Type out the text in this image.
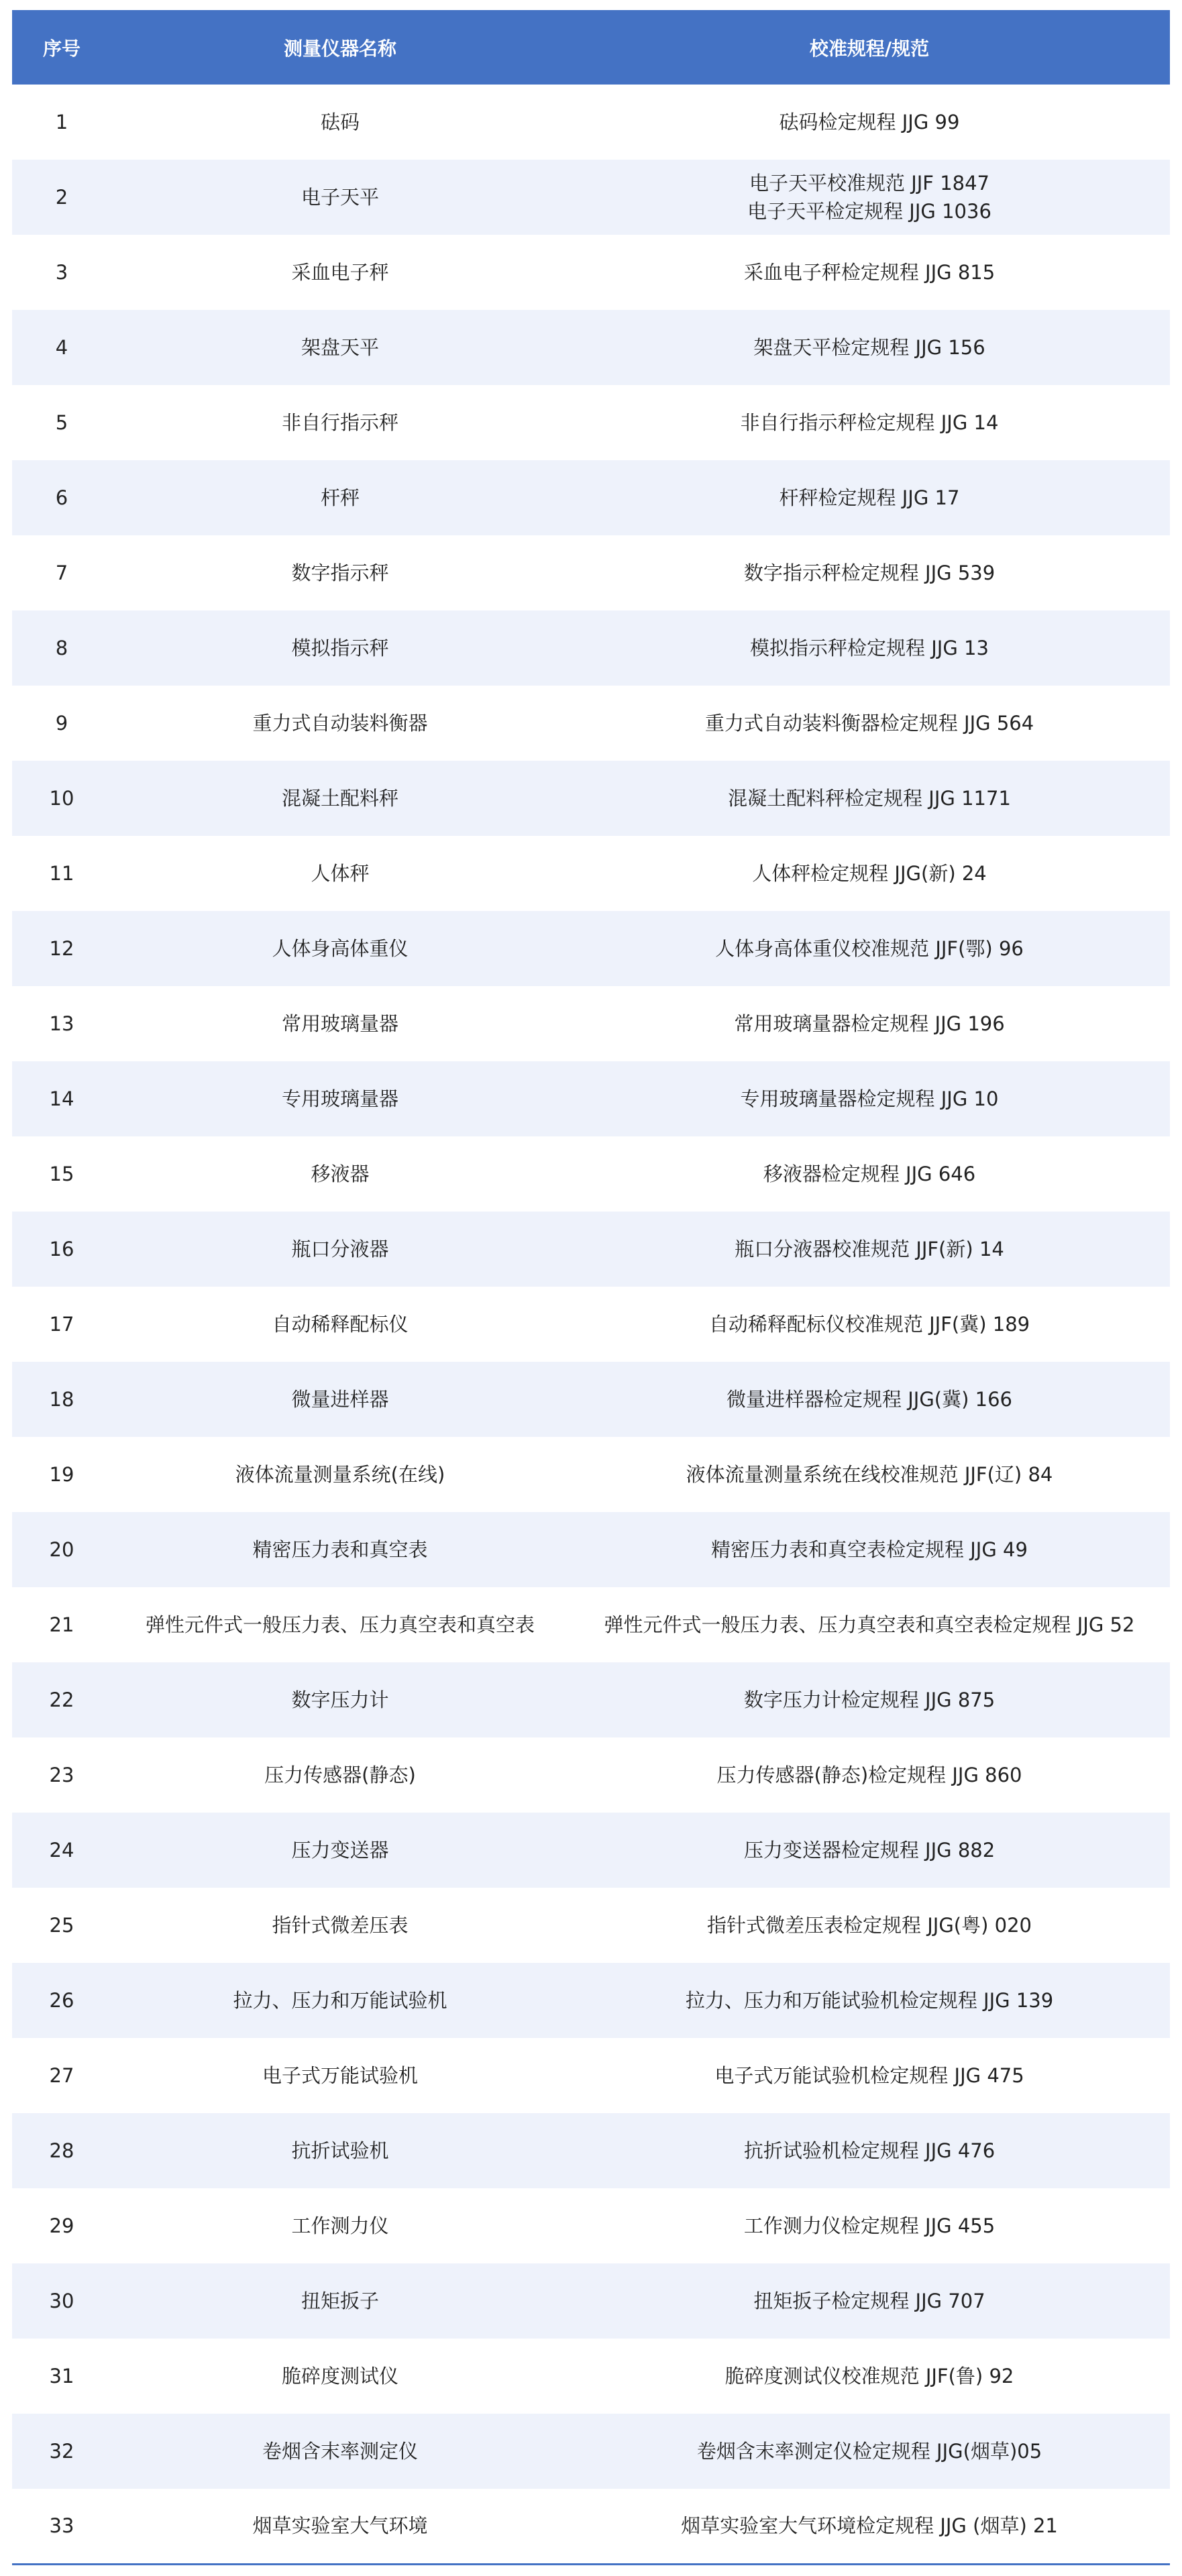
序号	测量仪器名称	校准规程/规范
1	砝码	砝码检定规程 JJG 99

2	电子天平	电子天平校准规范 JJF 1847
电子天平检定规程 JJG 1036

3	采血电子秤	采血电子秤检定规程 JJG 815

4	架盘天平	架盘天平检定规程 JJG 156

5	非自行指示秤	非自行指示秤检定规程 JJG 14

6	杆秤	杆秤检定规程 JJG 17

7	数字指示秤	数字指示秤检定规程 JJG 539

8	模拟指示秤	模拟指示秤检定规程 JJG 13

9	重力式自动装料衡器	重力式自动装料衡器检定规程 JJG 564

10	混凝土配料秤	混凝土配料秤检定规程 JJG 1171

11	人体秤	人体秤检定规程 JJG(新) 24

12	人体身高体重仪	人体身高体重仪校准规范 JJF(鄂) 96

13	常用玻璃量器	常用玻璃量器检定规程 JJG 196

14	专用玻璃量器	专用玻璃量器检定规程 JJG 10

15	移液器	移液器检定规程 JJG 646

16	瓶口分液器	瓶口分液器校准规范 JJF(新) 14

17	自动稀释配标仪	自动稀释配标仪校准规范 JJF(冀) 189

18	微量进样器	微量进样器检定规程 JJG(冀) 166

19	液体流量测量系统(在线)	液体流量测量系统在线校准规范 JJF(辽) 84

20	精密压力表和真空表	精密压力表和真空表检定规程 JJG 49

21	弹性元件式一般压力表、压力真空表和真空表	弹性元件式一般压力表、压力真空表和真空表检定规程 JJG 52

22	数字压力计	数字压力计检定规程 JJG 875

23	压力传感器(静态)	压力传感器(静态)检定规程 JJG 860

24	压力变送器	压力变送器检定规程 JJG 882

25	指针式微差压表	指针式微差压表检定规程 JJG(粤) 020

26	拉力、压力和万能试验机	拉力、压力和万能试验机检定规程 JJG 139

27	电子式万能试验机	电子式万能试验机检定规程 JJG 475

28	抗折试验机	抗折试验机检定规程 JJG 476

29	工作测力仪	工作测力仪检定规程 JJG 455

30	扭矩扳子	扭矩扳子检定规程 JJG 707

31	脆碎度测试仪	脆碎度测试仪校准规范 JJF(鲁) 92

32	卷烟含末率测定仪	卷烟含末率测定仪检定规程 JJG(烟草)05

33	烟草实验室大气环境	烟草实验室大气环境检定规程 JJG (烟草) 21
